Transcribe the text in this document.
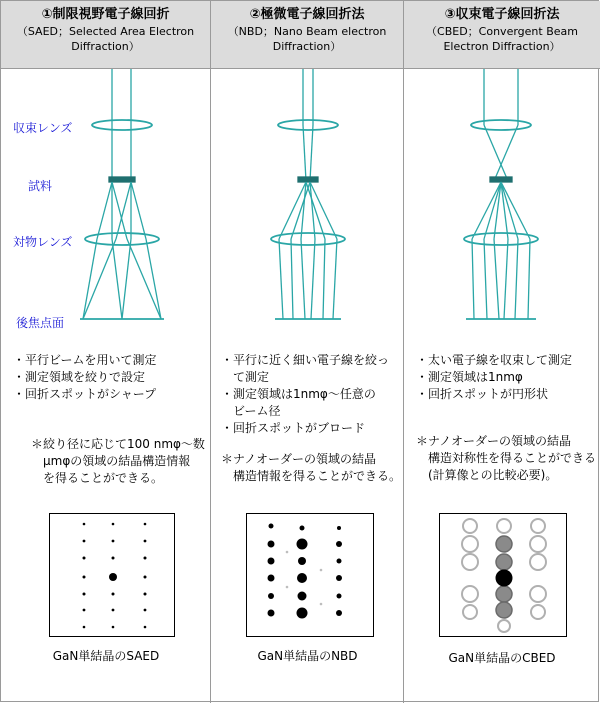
①制限視野電子線回折
（SAED；Selected Area Electron
Diffraction）
収束レンズ
試料
対物レンズ
後焦点面
・平行ビームを用いて測定
・測定領域を絞りで設定
・回折スポットがシャープ
＊絞り径に応じて100 nmφ～数
　μmφの領域の結晶構造情報
　を得ることができる。
GaN単結晶のSAED
②極微電子線回折法
（NBD；Nano Beam electron
Diffraction）
・平行に近く細い電子線を絞っ
　て測定
・測定領域は1nmφ～任意の
　ビーム径
・回折スポットがブロード
＊ナノオーダーの領域の結晶
　構造情報を得ることができる。
GaN単結晶のNBD
③収束電子線回折法
（CBED；Convergent Beam
Electron Diffraction）
・太い電子線を収束して測定
・測定領域は1nmφ
・回折スポットが円形状
＊ナノオーダーの領域の結晶
　構造対称性を得ることができる
　(計算像との比較必要)。
GaN単結晶のCBED
